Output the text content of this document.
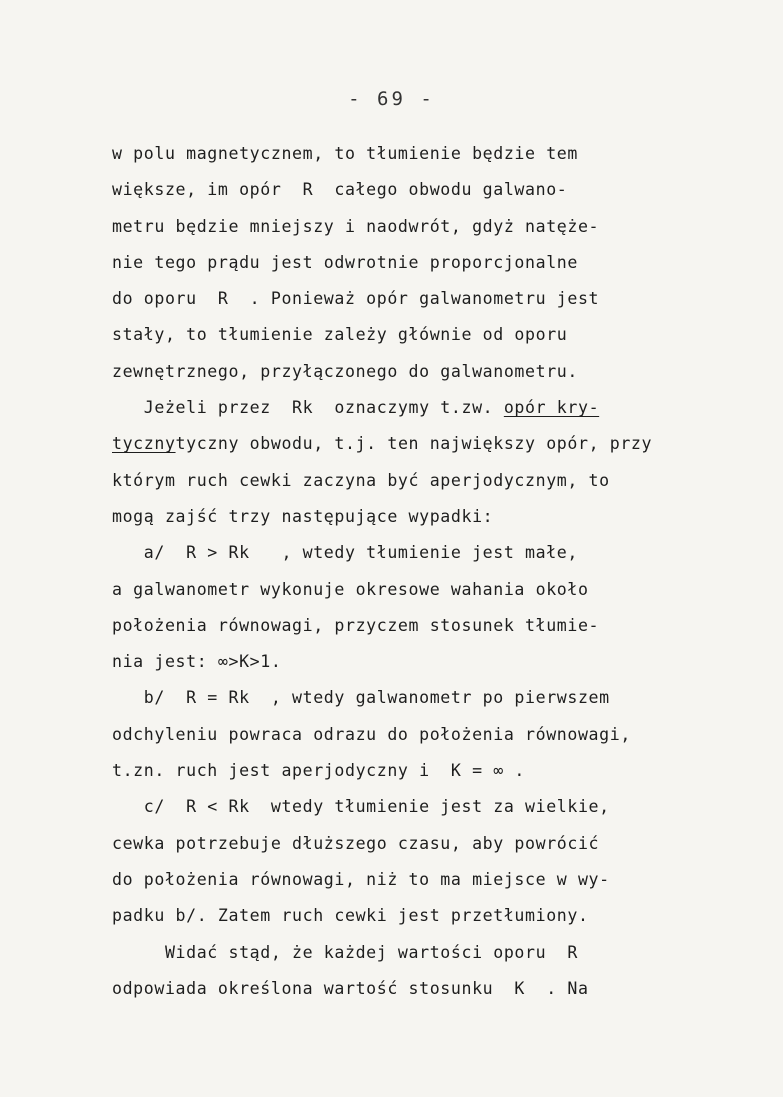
- 69 -
w polu magnetycznem, to tłumienie będzie tem
większe, im opór  R  całego obwodu galwano-
metru będzie mniejszy i naodwrót, gdyż natęże-
nie tego prądu jest odwrotnie proporcjonalne
do oporu  R  . Ponieważ opór galwanometru jest
stały, to tłumienie zależy głównie od oporu
zewnętrznego, przyłączonego do galwanometru.
Jeżeli przez  Rk  oznaczymy t.zw. opór kry-
tycznytyczny obwodu, t.j. ten największy opór, przy
którym ruch cewki zaczyna być aperjodycznym, to
mogą zajść trzy następujące wypadki:
a/  R > Rk   , wtedy tłumienie jest małe,
a galwanometr wykonuje okresowe wahania około
położenia równowagi, przyczem stosunek tłumie-
nia jest: ∞>K>1.
b/  R = Rk  , wtedy galwanometr po pierwszem
odchyleniu powraca odrazu do położenia równowagi,
t.zn. ruch jest aperjodyczny i  K = ∞ .
c/  R < Rk  wtedy tłumienie jest za wielkie,
cewka potrzebuje dłuższego czasu, aby powrócić
do położenia równowagi, niż to ma miejsce w wy-
padku b/. Zatem ruch cewki jest przetłumiony.
Widać stąd, że każdej wartości oporu  R
odpowiada określona wartość stosunku  K  . Na
